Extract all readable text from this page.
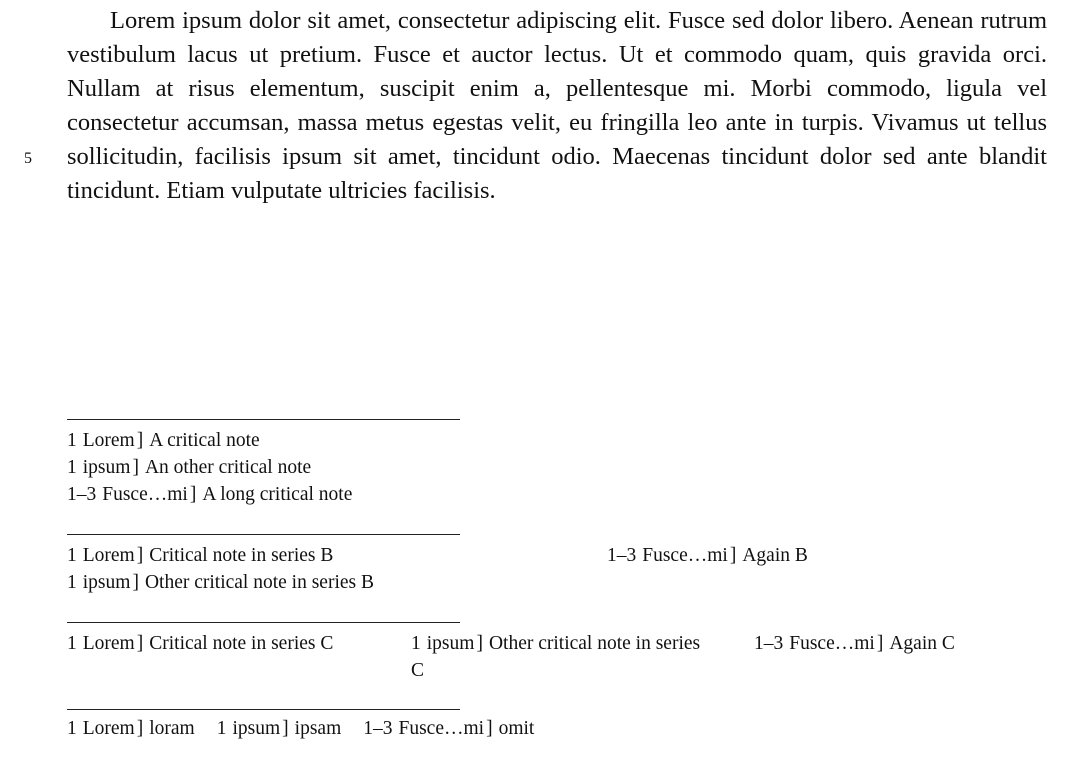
Lorem ipsum dolor sit amet, consectetur adipiscing elit. Fusce sed dolor libero. Aenean rutrum vestibulum lacus ut pretium. Fusce et auctor lectus. Ut et commodo quam, quis gravida orci. Nullam at risus elementum, suscipit enim a, pellentesque mi. Morbi commodo, ligula vel consectetur accumsan, massa metus egestas velit, eu fringilla leo ante in turpis. Vivamus ut tellus sollicitudin, facilisis ipsum sit amet, tincidunt odio. Maecenas tincidunt dolor sed ante blandit tincidunt. Etiam vulputate ultricies facilisis.

5
1 Lorem ] A critical note
1 ipsum ] An other critical note
1–3 Fusce…mi ] A long critical note
1 Lorem ] Critical note in series B
1 ipsum ] Other critical note in series B
1–3 Fusce…mi ] Again B
1 Lorem ] Critical note in series C	1 ipsum ] Other critical note in series C
1–3 Fusce…mi ] Again C
1 Lorem ] loram 1 ipsum ] ipsam 1–3 Fusce…mi ] omit
